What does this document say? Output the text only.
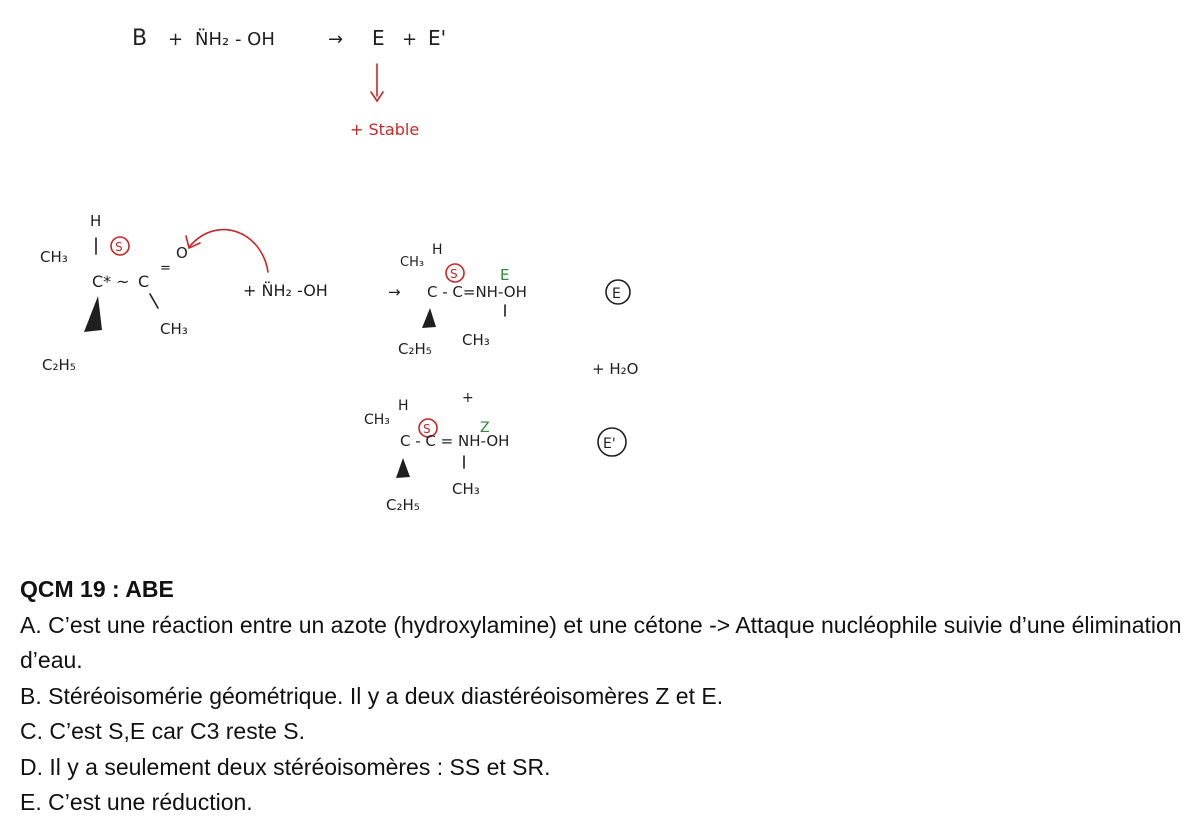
B + N̈H₂ - OH	→ E + E'
+ Stable
H
CH₃
S
C* ~ C
=
O
CH₃
C₂H₅
+ N̈H₂ -OH
CH₃
H
S	E
→ C - C=NH-OH
CH₃
C₂H₅
E
+ H₂O
+
H
CH₃
S	Z
C - C = NH-OH
CH₃
C₂H₅
E'

QCM 19 : ABE

A. C’est une réaction entre un azote (hydroxylamine) et une cétone -> Attaque nucléophile suivie d’une élimination d’eau.

B. Stéréoisomérie géométrique. Il y a deux diastéréoisomères Z et E.

C. C’est S,E car C3 reste S.

D. Il y a seulement deux stéréoisomères : SS et SR.

E. C’est une réduction.
